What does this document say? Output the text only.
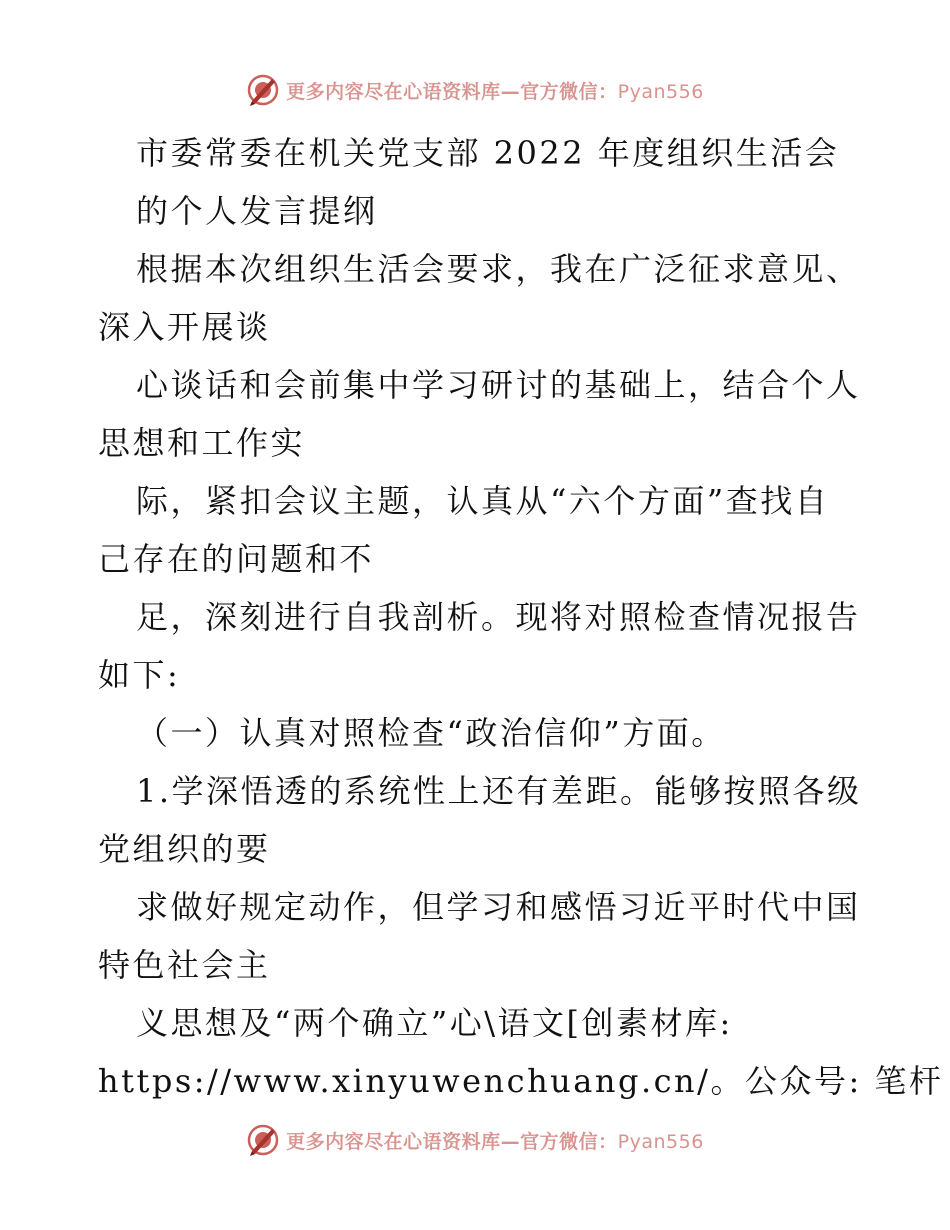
更多内容尽在心语资料库—官方微信：Pyan556
市委常委在机关党支部 2022 年度组织生活会
的个人发言提纲
根据本次组织生活会要求，我在广泛征求意见、
深入开展谈
心谈话和会前集中学习研讨的基础上，结合个人
思想和工作实
际，紧扣会议主题，认真从“六个方面”查找自
己存在的问题和不
足，深刻进行自我剖析。现将对照检查情况报告
如下:
（一）认真对照检查“政治信仰”方面。
1.学深悟透的系统性上还有差距。能够按照各级
党组织的要
求做好规定动作，但学习和感悟习近平时代中国
特色社会主
义思想及“两个确立”心\语文[创素材库:
https://www.xinyuwenchuang.cn/。公众号: 笔杆
更多内容尽在心语资料库—官方微信：Pyan556
